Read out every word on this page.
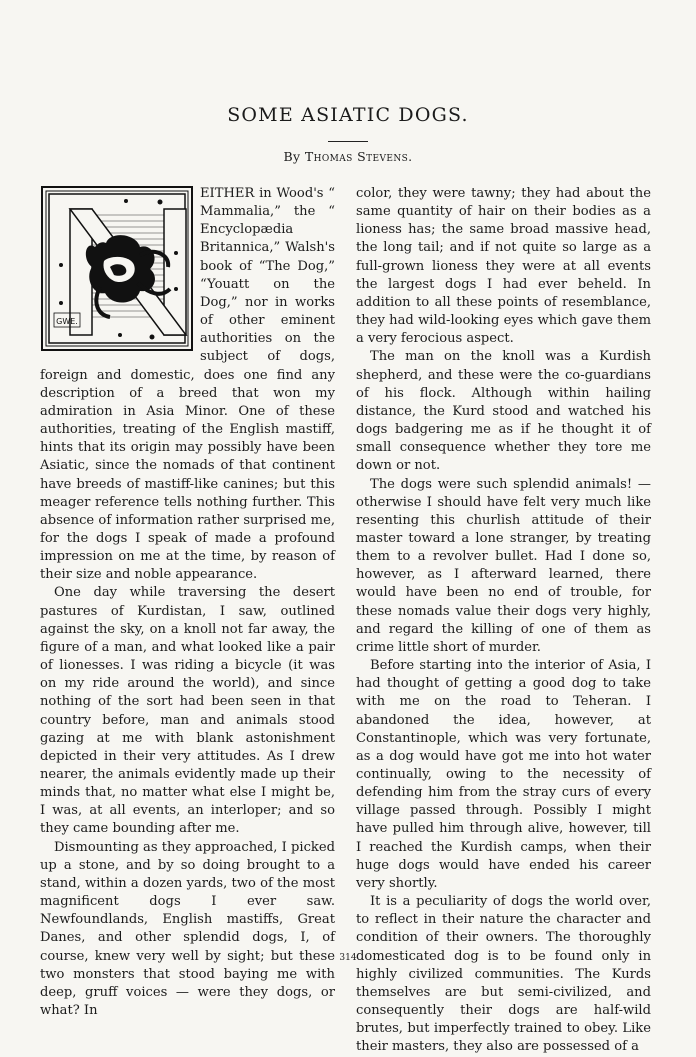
SOME ASIATIC DOGS.
By Thomas Stevens.
GWE.

EITHER in Wood's “ Mammalia,” the “ Encyclopædia Britannica,” Walsh's book of “The Dog,” “Youatt on the Dog,” nor in works of other eminent authorities on the subject of dogs, foreign and domestic, does one find any description of a breed that won my admiration in Asia Minor. One of these authorities, treating of the English mastiff, hints that its origin may possibly have been Asiatic, since the nomads of that continent have breeds of mastiff-like canines; but this meager reference tells nothing further. This absence of information rather surprised me, for the dogs I speak of made a profound impression on me at the time, by reason of their size and noble appearance.

One day while traversing the desert pastures of Kurdistan, I saw, outlined against the sky, on a knoll not far away, the figure of a man, and what looked like a pair of lionesses. I was riding a bicycle (it was on my ride around the world), and since nothing of the sort had been seen in that country before, man and animals stood gazing at me with blank astonishment depicted in their very attitudes. As I drew nearer, the animals evidently made up their minds that, no matter what else I might be, I was, at all events, an interloper; and so they came bounding after me.

Dismounting as they approached, I picked up a stone, and by so doing brought to a stand, within a dozen yards, two of the most magnificent dogs I ever saw. Newfoundlands, English mastiffs, Great Danes, and other splendid dogs, I, of course, knew very well by sight; but these two monsters that stood baying me with deep, gruff voices — were they dogs, or what? In

color, they were tawny; they had about the same quantity of hair on their bodies as a lioness has; the same broad massive head, the long tail; and if not quite so large as a full-grown lioness they were at all events the largest dogs I had ever beheld. In addition to all these points of resemblance, they had wild-looking eyes which gave them a very ferocious aspect.

The man on the knoll was a Kurdish shepherd, and these were the co-guardians of his flock. Although within hailing distance, the Kurd stood and watched his dogs badgering me as if he thought it of small consequence whether they tore me down or not.

The dogs were such splendid animals! — otherwise I should have felt very much like resenting this churlish attitude of their master toward a lone stranger, by treating them to a revolver bullet. Had I done so, however, as I afterward learned, there would have been no end of trouble, for these nomads value their dogs very highly, and regard the killing of one of them as crime little short of murder.

Before starting into the interior of Asia, I had thought of getting a good dog to take with me on the road to Teheran. I abandoned the idea, however, at Constantinople, which was very fortunate, as a dog would have got me into hot water continually, owing to the necessity of defending him from the stray curs of every village passed through. Possibly I might have pulled him through alive, however, till I reached the Kurdish camps, when their huge dogs would have ended his career very shortly.

It is a peculiarity of dogs the world over, to reflect in their nature the character and condition of their owners. The thoroughly domesticated dog is to be found only in highly civilized communities. The Kurds themselves are but semi-civilized, and consequently their dogs are half-wild brutes, but imperfectly trained to obey. Like their masters, they also are possessed of a

314
